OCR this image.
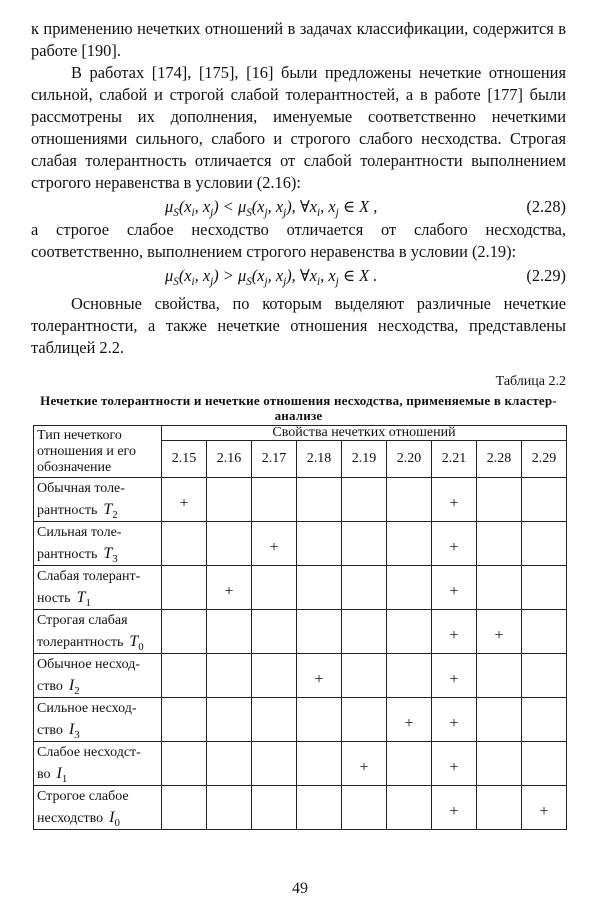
к применению нечетких отношений в задачах классификации, содержится в работе [190].

В работах [174], [175], [16] были предложены нечеткие отношения сильной, слабой и строгой слабой толерантностей, а в работе [177] были рассмотрены их дополнения, именуемые соответственно нечеткими отношениями сильного, слабого и строгого слабого несходства. Строгая слабая толерантность отличается от слабой толерантности выполнением строгого неравенства в условии (2.16):

$\mu_S(x_i$, $x_j) < \mu_S(x_j$, $x_j$), $\forall x_i$, $x_j$ ∈ X ,	(2.28)

а строгое слабое несходство отличается от слабого несходства, соответственно, выполнением строгого неравенства в условии (2.19):

$\mu_S(x_i$, $x_j) > \mu_S(x_j$, $x_j$), $\forall x_i$, $x_j$ ∈ X .	(2.29)

Основные свойства, по которым выделяют различные нечеткие толерантности, а также нечеткие отношения несходства, представлены таблицей 2.2.

Таблица 2.2
Нечеткие толерантности и нечеткие отношения несходства, применяемые в кластер-анализе
Тип нечеткого отношения и его обозначение	Свойства нечетких отношений								
	2.15	2.16	2.17	2.18	2.19	2.20	2.21	2.28	2.29
Обычная толе-
рантность $T_2$	+						+		
Сильная толе-
рантность $T_3$			+				+		
Слабая толерант-
ность $T_1$		+					+		
Строгая слабая
толерантность $T_0$							+	+	
Обычное несход-
ство $I_2$				+			+		
Сильное несход-
ство $I_3$						+	+		
Слабое несходст-
во $I_1$					+		+		
Строгое слабое
несходство $I_0$							+		+
49
